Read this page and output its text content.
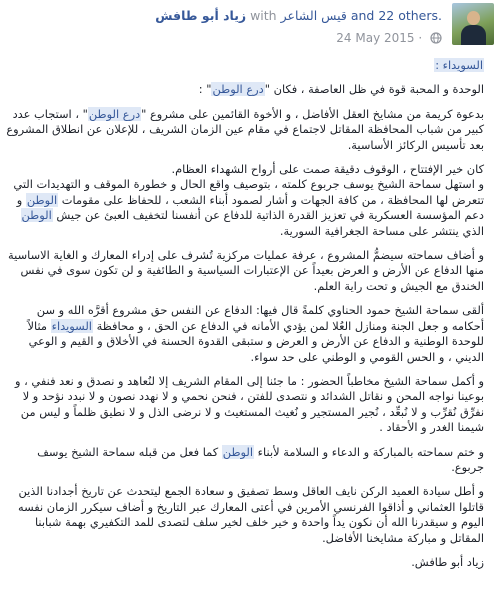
زياد أبو طافش with قيس الشاعر and 22 others.
24 May 2015 ·

السويداء :

الوحدة و المحبة قوة في ظل العاصفة ، فكان "درع الوطن" :

بدعوة كريمة من مشايخ العقل الأفاضل ، و الأخوة القائمين على مشروع "درع الوطن" ، استجاب عدد كبير من شباب المحافظة المقاتل لاجتماع في مقام عين الزمان الشريف ، للإعلان عن انطلاق المشروع بعد تأسيس الركائز الأساسية.

كان خير الإفتتاح ، الوقوف دقيقة صمت على أرواح الشهداء العظام.
و استهل سماحة الشيخ يوسف جربوع كلمته ، بتوصيف واقع الحال و خطورة الموقف و التهديدات التي تتعرض لها المحافظة ، من كافة الجهات و أشار لصمود أبناء الشعب ، للحفاظ على مقومات الوطن و دعم المؤسسة العسكرية في تعزيز القدرة الذاتية للدفاع عن أنفسنا لتخفيف العبئ عن جيش الوطن الذي ينتشر على مساحة الجغرافية السورية.

و أضاف سماحته سيضمُّ المشروع ، عرفة عمليات مركزية تُشرف على إدراء المعارك و الغاية الاساسية منها الدفاع عن الأرض و العرض بعيداً عن الإعتبارات السياسية و الطائفية و لن تكون سوى في نفس الخندق مع الجيش و تحت راية العلم.

ألقى سماحة الشيخ حمود الحناوي كلمةً قال فيها: الدفاع عن النفس حق مشروع أقرَّه الله و سن أحكامه و جعل الجنة ومنازل العُلا لمن يؤدي الأمانه في الدفاع عن الحق ، و محافظة السويداء مثالاً للوحدة الوطنية و الدفاع عن الأرض و العرض و ستبقى القدوة الحسنة في الأخلاق و القيم و الوعي الديني ، و الحس القومي و الوطني على حد سواء.

و أكمل سماحة الشيخ مخاطباً الحضور : ما جئنا إلى المقام الشريف إلا لنُعاهد و نصدق و نعد فنفي ، و بوعينا نواجه المحن و نقاتل الشدائد و نتصدى للفتن ، فنحن نحمي و لا نهدد نصون و لا نبدد نؤحد و لا نفرِّق نُقرِّب و لا نُبعِّد ، نُجير المستجير و نُغيث المستغيث و لا نرضى الذل و لا نطيق ظلماً و ليس من شيمنا الغدر و الأحقاد .

و ختم سماحته بالمباركة و الدعاء و السلامة لأبناء الوطن كما فعل من قبله سماحة الشيخ يوسف جربوع.

و أطل سيادة العميد الركن نايف العاقل وسط تصفيق و سعادة الجمع ليتحدث عن تاريخ أجدادنا الذين قاتلوا العثماني و أذاقوا الفرنسي الأمرين في أعتى المعارك عبر التاريخ و أضاف سيكرر الزمان نفسه اليوم و سيقدرنا الله أن نكون يداً واحدة و خير خلف لخير سلف لتصدى للمد التكفيري بهمة شبابنا المقاتل و مباركة مشايخنا الأفاضل.

زياد أبو طافش.
